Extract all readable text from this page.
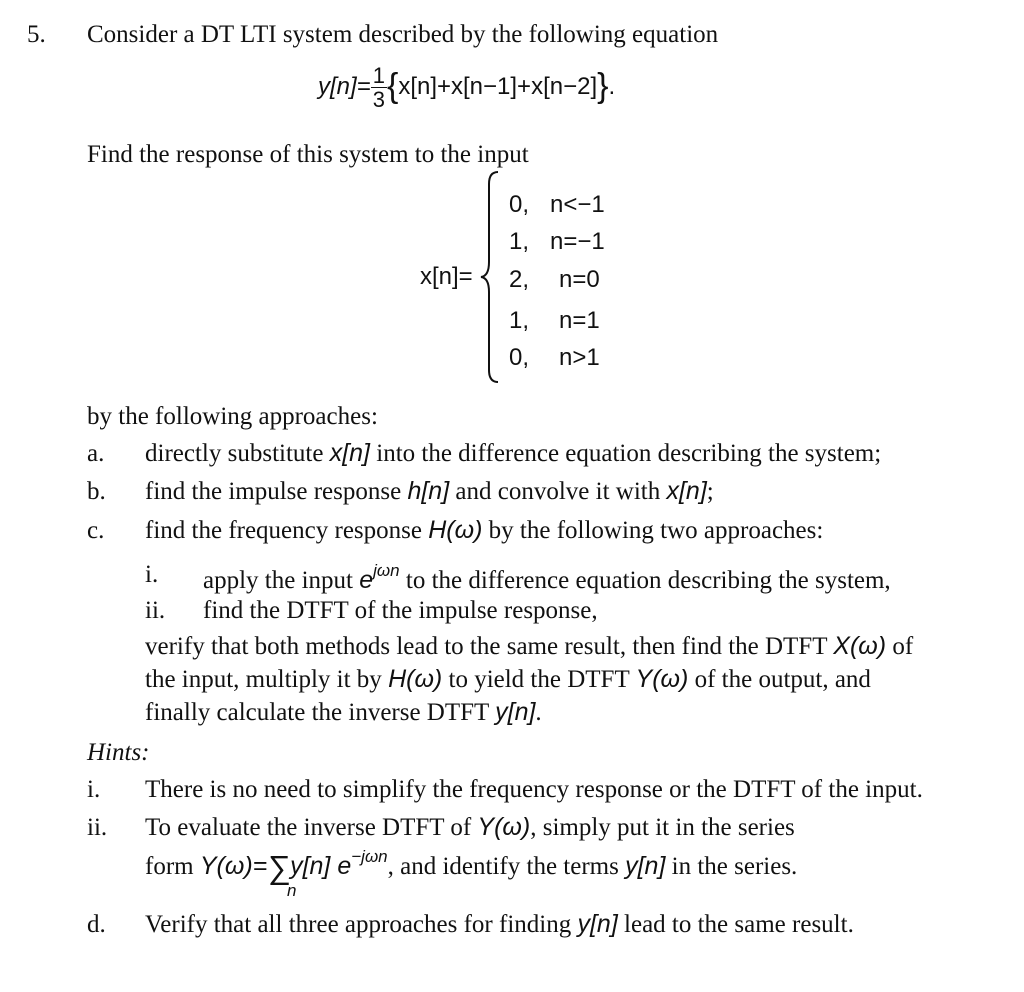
5. Consider a DT LTI system described by the following equation
$y[n]= \frac{1}{3} \{x[n]+x[n-1]+x[n-2]\}$.
Find the response of this system to the input
x[n]=
0, n<−1
1, n=−1
2, n=0
1, n=1
0, n>1
by the following approaches:
a. directly substitute x[n] into the difference equation describing the system;
b. find the impulse response h[n] and convolve it with x[n];
c. find the frequency response H(ω) by the following two approaches:
i. apply the input $e^{j\omega n}$ to the difference equation describing the system,
ii. find the DTFT of the impulse response,
verify that both methods lead to the same result, then find the DTFT X(ω) of
the input, multiply it by H(ω) to yield the DTFT Y(ω) of the output, and
finally calculate the inverse DTFT y[n].
Hints:
i. There is no need to simplify the frequency response or the DTFT of the input.
ii. To evaluate the inverse DTFT of Y(ω), simply put it in the series
form Y(ω)=∑y[n] $e^{-j\omega n}$, and identify the terms y[n] in the series.
n
d. Verify that all three approaches for finding y[n] lead to the same result.
